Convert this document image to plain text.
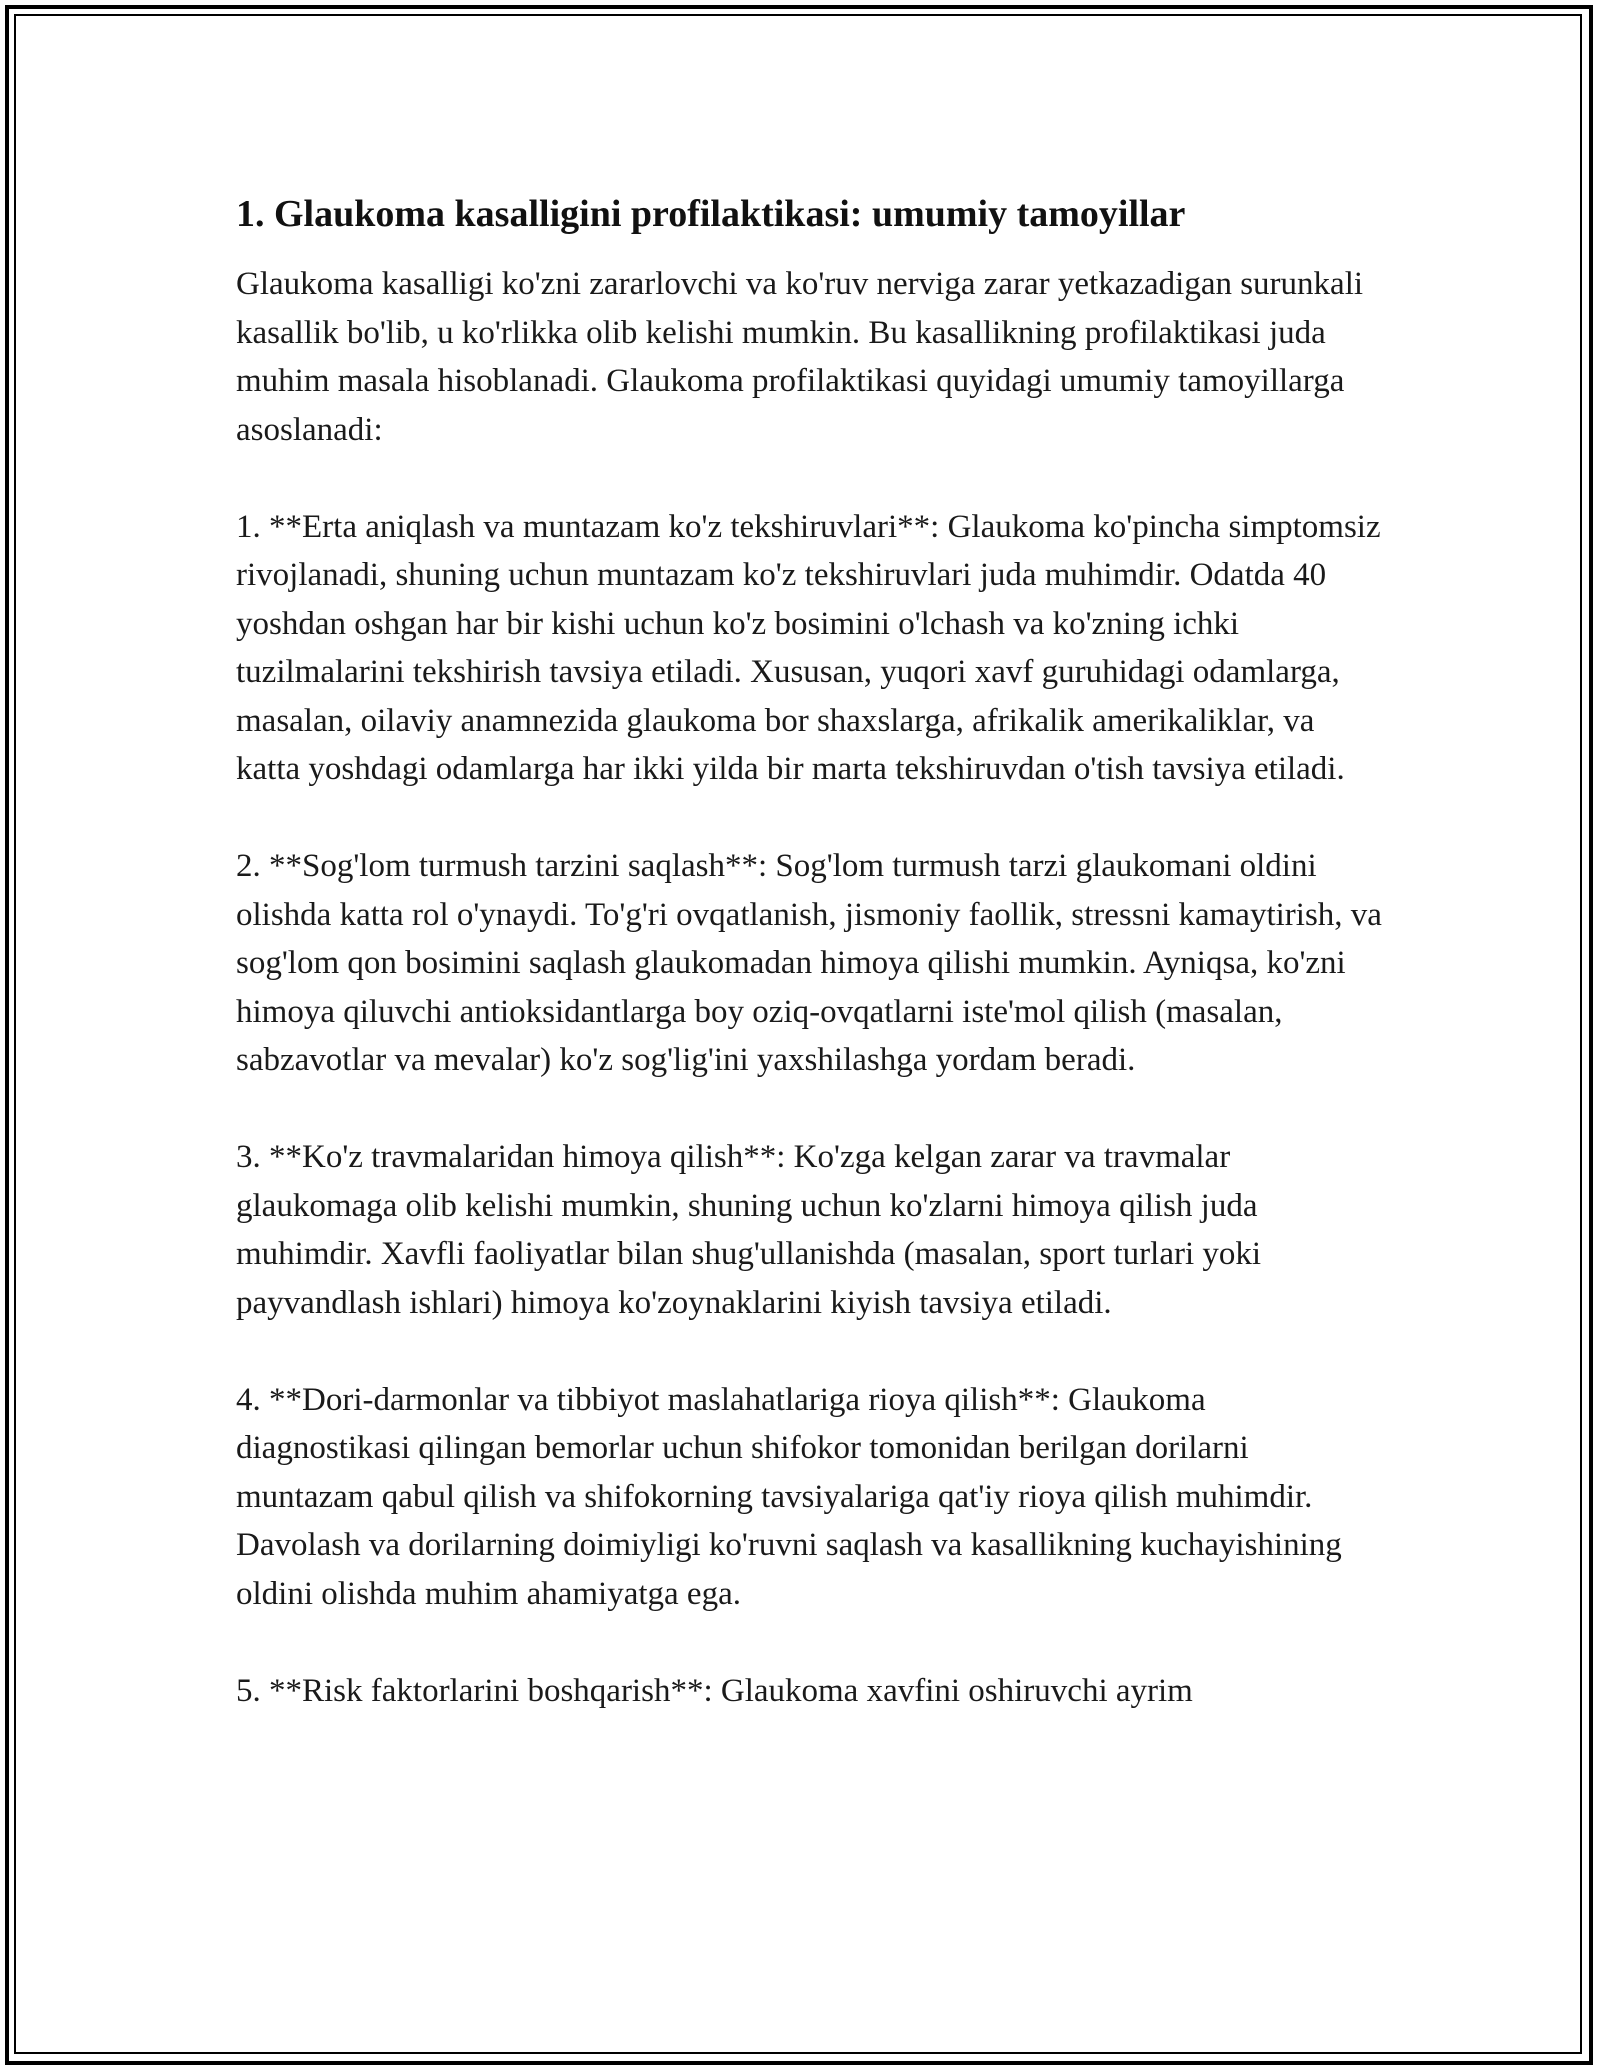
1. Glaukoma kasalligini profilaktikasi: umumiy tamoyillar

Glaukoma kasalligi ko'zni zararlovchi va ko'ruv nerviga zarar yetkazadigan surunkali kasallik bo'lib, u ko'rlikka olib kelishi mumkin. Bu kasallikning profilaktikasi juda muhim masala hisoblanadi. Glaukoma profilaktikasi quyidagi umumiy tamoyillarga asoslanadi:

1. **Erta aniqlash va muntazam ko'z tekshiruvlari**: Glaukoma ko'pincha simptomsiz rivojlanadi, shuning uchun muntazam ko'z tekshiruvlari juda muhimdir. Odatda 40 yoshdan oshgan har bir kishi uchun ko'z bosimini o'lchash va ko'zning ichki tuzilmalarini tekshirish tavsiya etiladi. Xususan, yuqori xavf guruhidagi odamlarga, masalan, oilaviy anamnezida glaukoma bor shaxslarga, afrikalik amerikaliklar, va katta yoshdagi odamlarga har ikki yilda bir marta tekshiruvdan o'tish tavsiya etiladi.

2. **Sog'lom turmush tarzini saqlash**: Sog'lom turmush tarzi glaukomani oldini olishda katta rol o'ynaydi. To'g'ri ovqatlanish, jismoniy faollik, stressni kamaytirish, va sog'lom qon bosimini saqlash glaukomadan himoya qilishi mumkin. Ayniqsa, ko'zni himoya qiluvchi antioksidantlarga boy oziq-ovqatlarni iste'mol qilish (masalan, sabzavotlar va mevalar) ko'z sog'lig'ini yaxshilashga yordam beradi.

3. **Ko'z travmalaridan himoya qilish**: Ko'zga kelgan zarar va travmalar glaukomaga olib kelishi mumkin, shuning uchun ko'zlarni himoya qilish juda muhimdir. Xavfli faoliyatlar bilan shug'ullanishda (masalan, sport turlari yoki payvandlash ishlari) himoya ko'zoynaklarini kiyish tavsiya etiladi.

4. **Dori-darmonlar va tibbiyot maslahatlariga rioya qilish**: Glaukoma diagnostikasi qilingan bemorlar uchun shifokor tomonidan berilgan dorilarni muntazam qabul qilish va shifokorning tavsiyalariga qat'iy rioya qilish muhimdir. Davolash va dorilarning doimiyligi ko'ruvni saqlash va kasallikning kuchayishining oldini olishda muhim ahamiyatga ega.

5. **Risk faktorlarini boshqarish**: Glaukoma xavfini oshiruvchi ayrim
